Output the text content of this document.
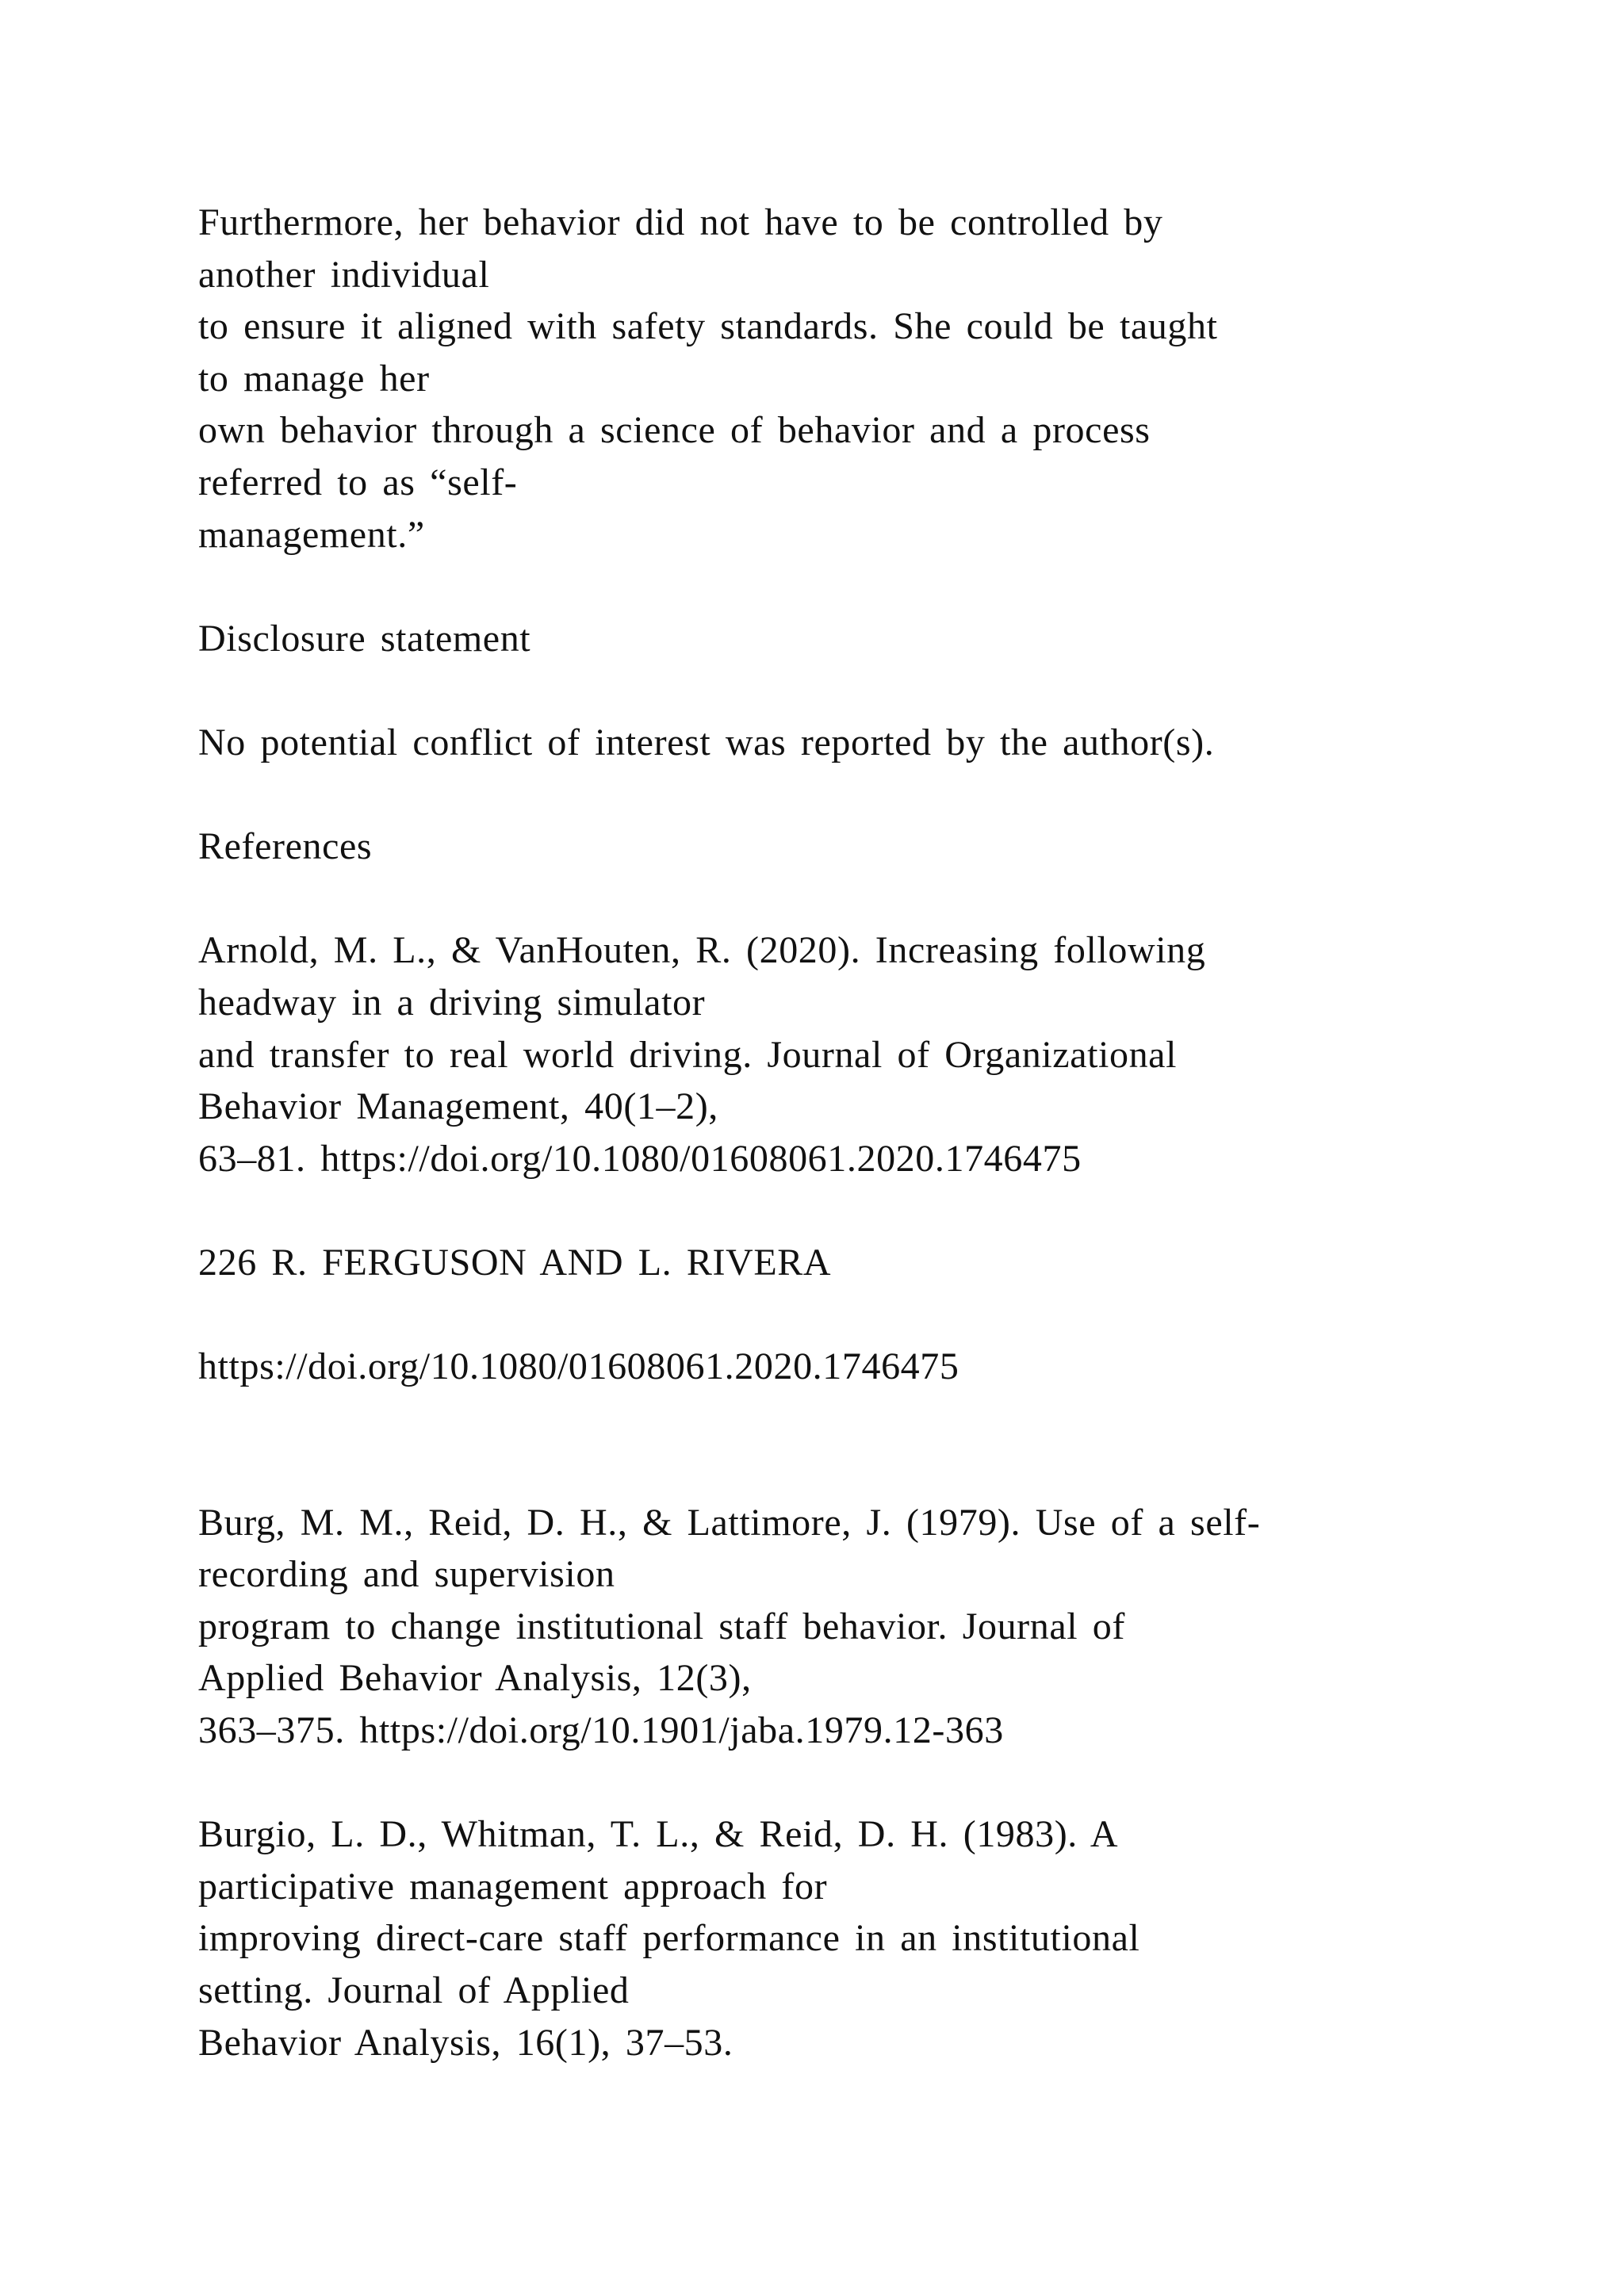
Furthermore, her behavior did not have to be controlled by
another individual
to ensure it aligned with safety standards. She could be taught
to manage her
own behavior through a science of behavior and a process
referred to as “self-
management.”
Disclosure statement
No potential conflict of interest was reported by the author(s).
References
Arnold, M. L., & VanHouten, R. (2020). Increasing following
headway in a driving simulator
and transfer to real world driving. Journal of Organizational
Behavior Management, 40(1–2),
63–81. https://doi.org/10.1080/01608061.2020.1746475
226 R. FERGUSON AND L. RIVERA
https://doi.org/10.1080/01608061.2020.1746475
Burg, M. M., Reid, D. H., & Lattimore, J. (1979). Use of a self-
recording and supervision
program to change institutional staff behavior. Journal of
Applied Behavior Analysis, 12(3),
363–375. https://doi.org/10.1901/jaba.1979.12-363
Burgio, L. D., Whitman, T. L., & Reid, D. H. (1983). A
participative management approach for
improving direct-care staff performance in an institutional
setting. Journal of Applied
Behavior Analysis, 16(1), 37–53.
